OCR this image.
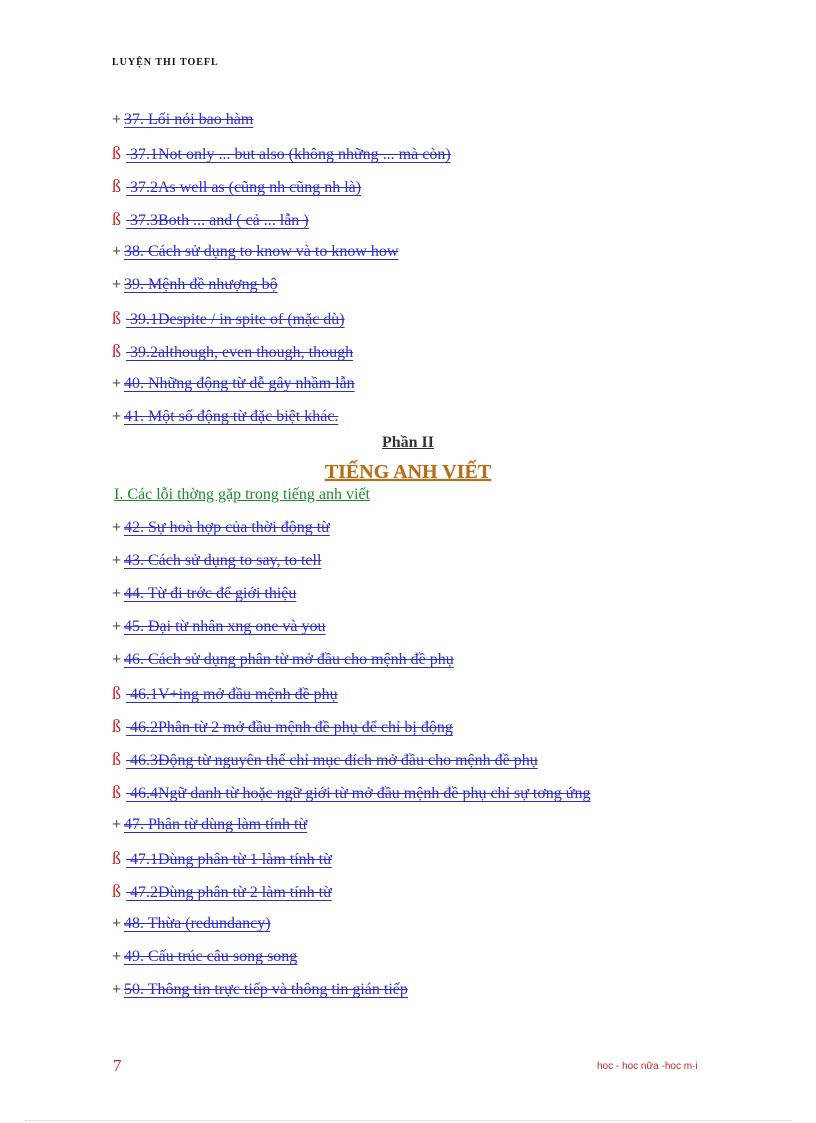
LUYỆN THI TOEFL
+ 37. Lối nói bao hàm
ß 37.1Not only ... but also (không những ... mà còn)
ß 37.2As well as (cũng nh cũng nh là)
ß 37.3Both ... and ( cả ... lẫn )
+ 38. Cách sử dụng to know và to know how
+ 39. Mệnh đề nhượng bộ
ß 39.1Despite / in spite of (mặc dù)
ß 39.2although, even though, though
+ 40. Những động từ dễ gây nhầm lẫn
+ 41. Một số động từ đặc biệt khác.
Phần II
TIẾNG ANH VIẾT
I. Các lỗi thờng gặp trong tiếng anh viết
+ 42. Sự hoà hợp của thời động từ
+ 43. Cách sử dụng to say, to tell
+ 44. Từ đi trớc để giới thiệu
+ 45. Đại từ nhân xng one và you
+ 46. Cách sử dụng phân từ mở đầu cho mệnh đề phụ
ß 46.1V+ing mở đầu mệnh đề phụ
ß 46.2Phân từ 2 mở đầu mệnh đề phụ để chỉ bị động
ß 46.3Động từ nguyên thể chỉ mục đích mở đầu cho mệnh đề phụ
ß 46.4Ngữ danh từ hoặc ngữ giới từ mở đầu mệnh đề phụ chỉ sự tơng ứng
+ 47. Phân từ dùng làm tính từ
ß 47.1Dùng phân từ 1 làm tính từ
ß 47.2Dùng phân từ 2 làm tính từ
+ 48. Thừa (redundancy)
+ 49. Cấu trúc câu song song
+ 50. Thông tin trực tiếp và thông tin gián tiếp
7	hoc - hoc nữa -hoc m·i
